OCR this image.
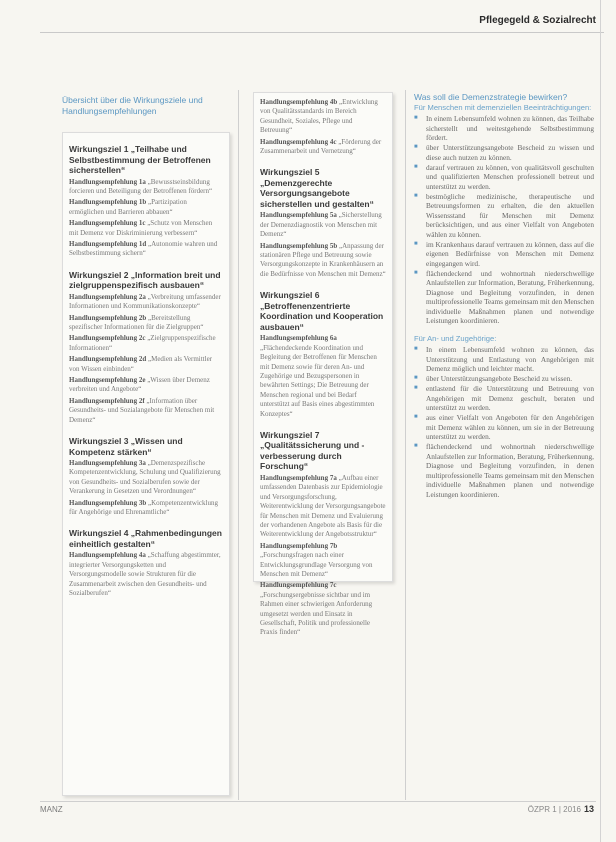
Pflegegeld & Sozialrecht
Übersicht über die Wirkungsziele und Handlungsempfehlungen
Wirkungsziel 1 „Teilhabe und Selbstbestimmung der Betroffenen sicherstellen“
Handlungsempfehlung 1a „Bewusstseinsbildung forcieren und Beteiligung der Betroffenen fördern“
Handlungsempfehlung 1b „Partizipation ermöglichen und Barrieren abbauen“
Handlungsempfehlung 1c „Schutz von Menschen mit Demenz vor Diskriminierung verbessern“
Handlungsempfehlung 1d „Autonomie wahren und Selbstbestimmung sichern“
Wirkungsziel 2 „Information breit und zielgruppenspezifisch ausbauen“
Handlungsempfehlung 2a „Verbreitung umfassender Informationen und Kommunikationskonzepte“
Handlungsempfehlung 2b „Bereitstellung spezifischer Informationen für die Zielgruppen“
Handlungsempfehlung 2c „Zielgruppenspezifische Informationen“
Handlungsempfehlung 2d „Medien als Vermittler von Wissen einbinden“
Handlungsempfehlung 2e „Wissen über Demenz verbreiten und Angebote“
Handlungsempfehlung 2f „Information über Gesundheits- und Sozialangebote für Menschen mit Demenz“
Wirkungsziel 3 „Wissen und Kompetenz stärken“
Handlungsempfehlung 3a „Demenzspezifische Kompetenzentwicklung, Schulung und Qualifizierung von Gesundheits- und Sozialberufen sowie der Verankerung in Gesetzen und Verordnungen“
Handlungsempfehlung 3b „Kompetenzentwicklung für Angehörige und Ehrenamtliche“
Wirkungsziel 4 „Rahmenbedingungen einheitlich gestalten“
Handlungsempfehlung 4a „Schaffung abgestimmter, integrierter Versorgungsketten und Versorgungsmodelle sowie Strukturen für die Zusammenarbeit zwischen den Gesundheits- und Sozialberufen“
Handlungsempfehlung 4b „Entwicklung von Qualitätsstandards im Bereich Gesundheit, Soziales, Pflege und Betreuung“
Handlungsempfehlung 4c „Förderung der Zusammenarbeit und Vernetzung“
Wirkungsziel 5 „Demenzgerechte Versorgungsangebote sicherstellen und gestalten“
Handlungsempfehlung 5a „Sicherstellung der Demenzdiagnostik von Menschen mit Demenz“
Handlungsempfehlung 5b „Anpassung der stationären Pflege und Betreuung sowie Versorgungskonzepte in Krankenhäusern an die Bedürfnisse von Menschen mit Demenz“
Wirkungsziel 6 „Betroffenenzentrierte Koordination und Kooperation ausbauen“
Handlungsempfehlung 6a „Flächendeckende Koordination und Begleitung der Betroffenen für Menschen mit Demenz sowie für deren An- und Zugehörige und Bezugspersonen in bewährten Settings; Die Betreuung der Menschen regional und bei Bedarf unterstützt auf Basis eines abgestimmten Konzeptes“
Wirkungsziel 7 „Qualitätssicherung und -verbesserung durch Forschung“
Handlungsempfehlung 7a „Aufbau einer umfassenden Datenbasis zur Epidemiologie und Versorgungsforschung, Weiterentwicklung der Versorgungsangebote für Menschen mit Demenz und Evaluierung der vorhandenen Angebote als Basis für die Weiterentwicklung der Angebotsstruktur“
Handlungsempfehlung 7b „Forschungsfragen nach einer Entwicklungsgrundlage Versorgung von Menschen mit Demenz“
Handlungsempfehlung 7c „Forschungsergebnisse sichtbar und im Rahmen einer schwierigen Anforderung umgesetzt werden und Einsatz in Gesellschaft, Politik und professionelle Praxis finden“
Was soll die Demenzstrategie bewirken?
Für Menschen mit demenziellen Beeinträchtigungen:
■ In einem Lebensumfeld wohnen zu können, das Teilhabe sicherstellt und weitestgehende Selbstbestimmung fördert.
■ über Unterstützungsangebote Bescheid zu wissen und diese auch nutzen zu können.
■ darauf vertrauen zu können, von qualitätsvoll geschulten und qualifizierten Menschen professionell betreut und unterstützt zu werden.
■ bestmögliche medizinische, therapeutische und Betreuungsformen zu erhalten, die den aktuellen Wissensstand für Menschen mit Demenz berücksichtigen, und aus einer Vielfalt von Angeboten wählen zu können.
■ im Krankenhaus darauf vertrauen zu können, dass auf die eigenen Bedürfnisse von Menschen mit Demenz eingegangen wird.
■ flächendeckend und wohnortnah niederschwellige Anlaufstellen zur Information, Beratung, Früherkennung, Diagnose und Begleitung vorzufinden, in denen multiprofessionelle Teams gemeinsam mit den Menschen individuelle Maßnahmen planen und notwendige Leistungen koordinieren.
Für An- und Zugehörige:
■ In einem Lebensumfeld wohnen zu können, das Unterstützung und Entlastung von Angehörigen mit Demenz möglich und leichter macht.
■ über Unterstützungsangebote Bescheid zu wissen.
■ entlastend für die Unterstützung und Betreuung von Angehörigen mit Demenz geschult, beraten und unterstützt zu werden.
■ aus einer Vielfalt von Angeboten für den Angehörigen mit Demenz wählen zu können, um sie in der Betreuung unterstützt zu werden.
■ flächendeckend und wohnortnah niederschwellige Anlaufstellen zur Information, Beratung, Früherkennung, Diagnose und Begleitung vorzufinden, in denen multiprofessionelle Teams gemeinsam mit den Menschen individuelle Maßnahmen planen und notwendige Leistungen koordinieren.
MANZ	ÖZPR 1 | 2016 13
